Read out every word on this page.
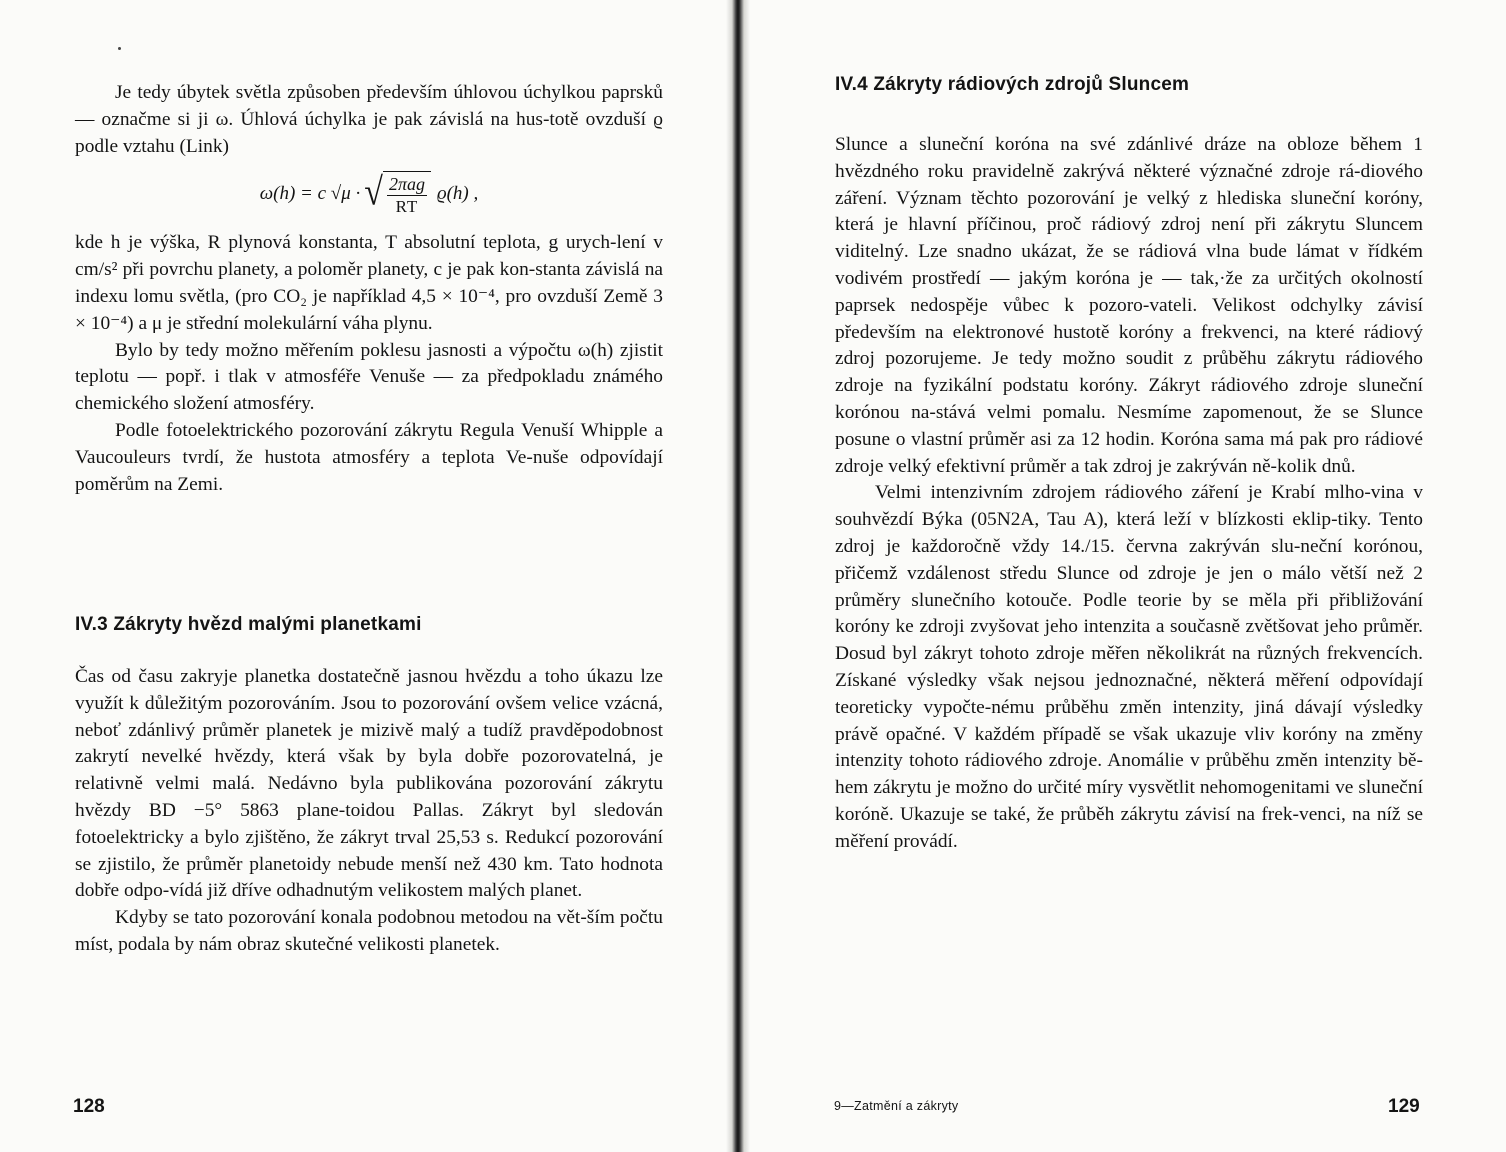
Je tedy úbytek světla způsoben především úhlovou úchylkou paprsků — označme si ji ω. Úhlová úchylka je pak závislá na hus-totě ovzduší ϱ podle vztahu (Link)

ω(h) = c √μ · √ $\frac{\text{2πag}}{RT} ϱ(h)$ ,

kde h je výška, R plynová konstanta, T absolutní teplota, g urych-lení v cm/s² při povrchu planety, a poloměr planety, c je pak kon-stanta závislá na indexu lomu světla, (pro CO₂ je například 4,5 × 10⁻⁴, pro ovzduší Země 3 × 10⁻⁴) a μ je střední molekulární váha plynu.

Bylo by tedy možno měřením poklesu jasnosti a výpočtu ω(h) zjistit teplotu — popř. i tlak v atmosféře Venuše — za předpokladu známého chemického složení atmosféry.

Podle fotoelektrického pozorování zákrytu Regula Venuší Whipple a Vaucouleurs tvrdí, že hustota atmosféry a teplota Ve-nuše odpovídají poměrům na Zemi.

IV.3 Zákryty hvězd malými planetkami

Čas od času zakryje planetka dostatečně jasnou hvězdu a toho úkazu lze využít k důležitým pozorováním. Jsou to pozorování ovšem velice vzácná, neboť zdánlivý průměr planetek je mizivě malý a tudíž pravděpodobnost zakrytí nevelké hvězdy, která však by byla dobře pozorovatelná, je relativně velmi malá. Nedávno byla publikována pozorování zákrytu hvězdy BD −5° 5863 plane-toidou Pallas. Zákryt byl sledován fotoelektricky a bylo zjištěno, že zákryt trval 25,53 s. Redukcí pozorování se zjistilo, že průměr planetoidy nebude menší než 430 km. Tato hodnota dobře odpo-vídá již dříve odhadnutým velikostem malých planet.

Kdyby se tato pozorování konala podobnou metodou na vět-ším počtu míst, podala by nám obraz skutečné velikosti planetek.

128
IV.4 Zákryty rádiových zdrojů Sluncem

Slunce a sluneční koróna na své zdánlivé dráze na obloze během 1 hvězdného roku pravidelně zakrývá některé význačné zdroje rá-diového záření. Význam těchto pozorování je velký z hlediska sluneční koróny, která je hlavní příčinou, proč rádiový zdroj není při zákrytu Sluncem viditelný. Lze snadno ukázat, že se rádiová vlna bude lámat v řídkém vodivém prostředí — jakým koróna je — tak,·že za určitých okolností paprsek nedospěje vůbec k pozoro-vateli. Velikost odchylky závisí především na elektronové hustotě koróny a frekvenci, na které rádiový zdroj pozorujeme. Je tedy možno soudit z průběhu zákrytu rádiového zdroje na fyzikální podstatu koróny. Zákryt rádiového zdroje sluneční korónou na-stává velmi pomalu. Nesmíme zapomenout, že se Slunce posune o vlastní průměr asi za 12 hodin. Koróna sama má pak pro rádiové zdroje velký efektivní průměr a tak zdroj je zakrýván ně-kolik dnů.

Velmi intenzivním zdrojem rádiového záření je Krabí mlho-vina v souhvězdí Býka (05N2A, Tau A), která leží v blízkosti eklip-tiky. Tento zdroj je každoročně vždy 14./15. června zakrýván slu-neční korónou, přičemž vzdálenost středu Slunce od zdroje je jen o málo větší než 2 průměry slunečního kotouče. Podle teorie by se měla při přibližování koróny ke zdroji zvyšovat jeho intenzita a současně zvětšovat jeho průměr. Dosud byl zákryt tohoto zdroje měřen několikrát na různých frekvencích. Získané výsledky však nejsou jednoznačné, některá měření odpovídají teoreticky vypočte-nému průběhu změn intenzity, jiná dávají výsledky právě opačné. V každém případě se však ukazuje vliv koróny na změny intenzity tohoto rádiového zdroje. Anomálie v průběhu změn intenzity bě-hem zákrytu je možno do určité míry vysvětlit nehomogenitami ve sluneční koróně. Ukazuje se také, že průběh zákrytu závisí na frek-venci, na níž se měření provádí.

9—Zatmění a zákryty	129
